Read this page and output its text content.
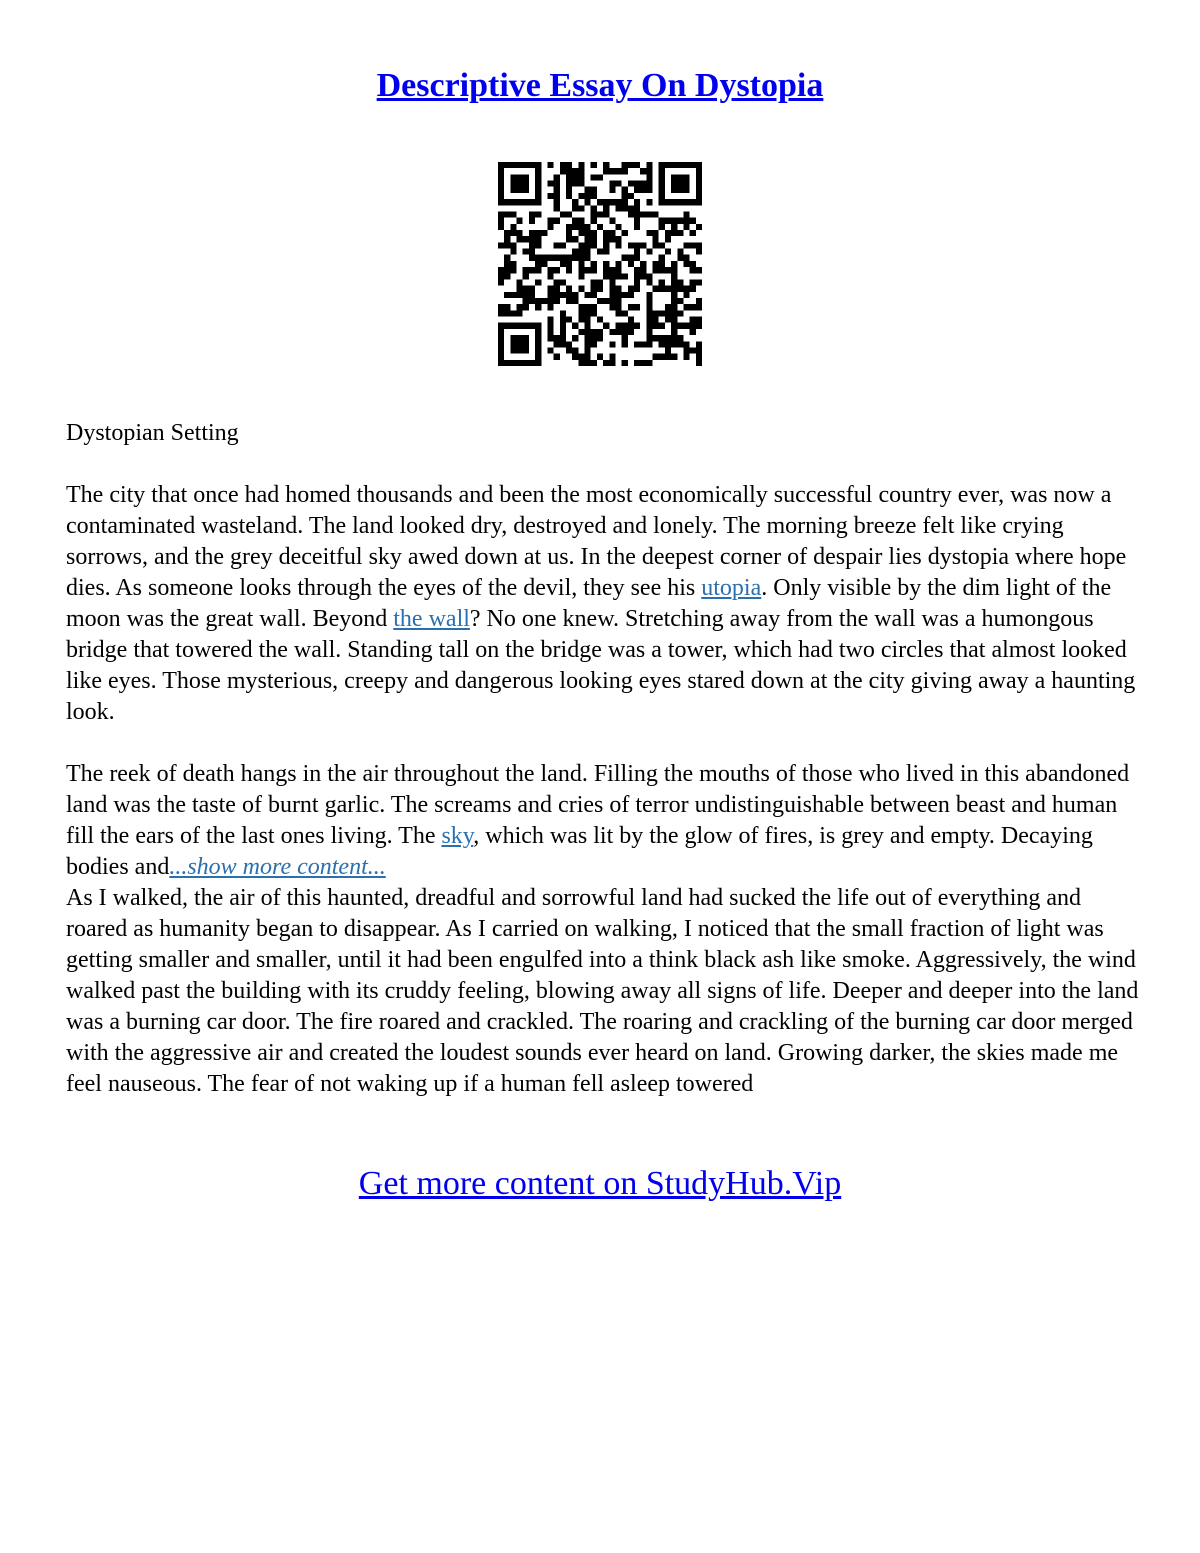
Descriptive Essay On Dystopia

Dystopian Setting

The city that once had homed thousands and been the most economically successful country ever, was now a contaminated wasteland. The land looked dry, destroyed and lonely. The morning breeze felt like crying sorrows, and the grey deceitful sky awed down at us. In the deepest corner of despair lies dystopia where hope dies. As someone looks through the eyes of the devil, they see his utopia. Only visible by the dim light of the moon was the great wall. Beyond the wall? No one knew. Stretching away from the wall was a humongous bridge that towered the wall. Standing tall on the bridge was a tower, which had two circles that almost looked like eyes. Those mysterious, creepy and dangerous looking eyes stared down at the city giving away a haunting look.

The reek of death hangs in the air throughout the land. Filling the mouths of those who lived in this abandoned land was the taste of burnt garlic. The screams and cries of terror undistinguishable between beast and human fill the ears of the last ones living. The sky, which was lit by the glow of fires, is grey and empty. Decaying bodies and...show more content...

As I walked, the air of this haunted, dreadful and sorrowful land had sucked the life out of everything and roared as humanity began to disappear. As I carried on walking, I noticed that the small fraction of light was getting smaller and smaller, until it had been engulfed into a think black ash like smoke. Aggressively, the wind walked past the building with its cruddy feeling, blowing away all signs of life. Deeper and deeper into the land was a burning car door. The fire roared and crackled. The roaring and crackling of the burning car door merged with the aggressive air and created the loudest sounds ever heard on land. Growing darker, the skies made me feel nauseous. The fear of not waking up if a human fell asleep towered

Get more content on StudyHub.Vip
